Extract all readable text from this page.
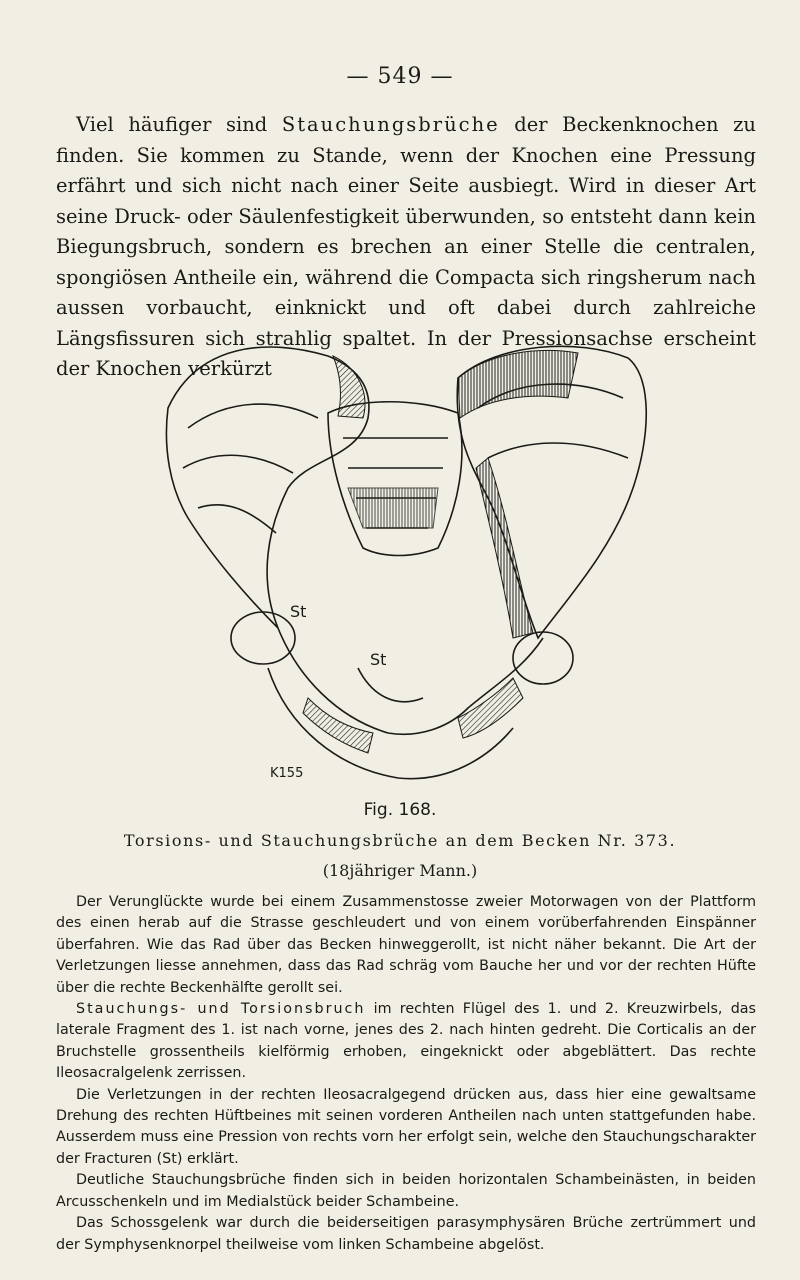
— 549 —

Viel häufiger sind Stauchungsbrüche der Beckenknochen zu finden. Sie kommen zu Stande, wenn der Knochen eine Pressung erfährt und sich nicht nach einer Seite ausbiegt. Wird in dieser Art seine Druck- oder Säulenfestigkeit überwunden, so entsteht dann kein Biegungsbruch, sondern es brechen an einer Stelle die centralen, spongiösen Antheile ein, während die Compacta sich ringsherum nach aussen vorbaucht, einknickt und oft dabei durch zahlreiche Längsfissuren sich strahlig spaltet. In der Pressionsachse erscheint der Knochen verkürzt

St
St
K155
Fig. 168.
Torsions- und Stauchungsbrüche an dem Becken Nr. 373.
(18jähriger Mann.)

Der Verunglückte wurde bei einem Zusammenstosse zweier Motorwagen von der Plattform des einen herab auf die Strasse geschleudert und von einem vorüberfahrenden Einspänner überfahren. Wie das Rad über das Becken hinweggerollt, ist nicht näher bekannt. Die Art der Verletzungen liesse annehmen, dass das Rad schräg vom Bauche her und vor der rechten Hüfte über die rechte Beckenhälfte gerollt sei.

Stauchungs- und Torsionsbruch im rechten Flügel des 1. und 2. Kreuzwirbels, das laterale Fragment des 1. ist nach vorne, jenes des 2. nach hinten gedreht. Die Corticalis an der Bruchstelle grossentheils kielförmig erhoben, eingeknickt oder abgeblättert. Das rechte Ileosacralgelenk zerrissen.

Die Verletzungen in der rechten Ileosacralgegend drücken aus, dass hier eine gewaltsame Drehung des rechten Hüftbeines mit seinen vorderen Antheilen nach unten stattgefunden habe. Ausserdem muss eine Pression von rechts vorn her erfolgt sein, welche den Stauchungscharakter der Fracturen (St) erklärt.

Deutliche Stauchungsbrüche finden sich in beiden horizontalen Schambeinästen, in beiden Arcusschenkeln und im Medialstück beider Schambeine.

Das Schossgelenk war durch die beiderseitigen parasymphysären Brüche zertrümmert und der Symphysenknorpel theilweise vom linken Schambeine abgelöst.
